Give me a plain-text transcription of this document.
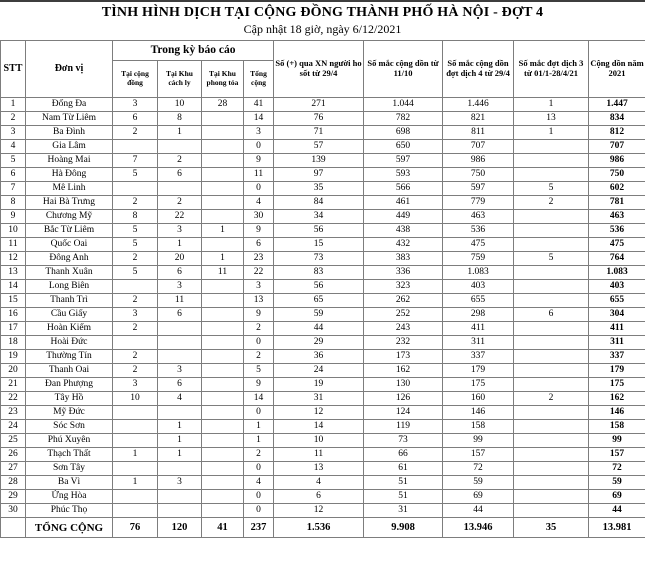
TÌNH HÌNH DỊCH TẠI CỘNG ĐỒNG THÀNH PHỐ HÀ NỘI - ĐỢT 4
Cập nhật 18 giờ, ngày 6/12/2021
STT	Đơn vị	Trong kỳ báo cáo				Số (+) qua XN người ho sốt từ 29/4	Số mắc cộng dồn từ 11/10	Số mắc cộng dồn đợt dịch 4 từ 29/4	Số mắc đợt dịch 3 từ 01/1-28/4/21	Cộng dồn năm 2021
		Tại cộng đồng	Tại Khu cách ly	Tại Khu phong tỏa	Tổng cộng					
1	Đống Đa	3	10	28	41	271	1.044	1.446	1	1.447
2	Nam Từ Liêm	6	8		14	76	782	821	13	834
3	Ba Đình	2	1		3	71	698	811	1	812
4	Gia Lâm				0	57	650	707		707
5	Hoàng Mai	7	2		9	139	597	986		986
6	Hà Đông	5	6		11	97	593	750		750
7	Mê Linh				0	35	566	597	5	602
8	Hai Bà Trưng	2	2		4	84	461	779	2	781
9	Chương Mỹ	8	22		30	34	449	463		463
10	Bắc Từ Liêm	5	3	1	9	56	438	536		536
11	Quốc Oai	5	1		6	15	432	475		475
12	Đông Anh	2	20	1	23	73	383	759	5	764
13	Thanh Xuân	5	6	11	22	83	336	1.083		1.083
14	Long Biên		3		3	56	323	403		403
15	Thanh Trì	2	11		13	65	262	655		655
16	Cầu Giấy	3	6		9	59	252	298	6	304
17	Hoàn Kiếm	2			2	44	243	411		411
18	Hoài Đức				0	29	232	311		311
19	Thường Tín	2			2	36	173	337		337
20	Thanh Oai	2	3		5	24	162	179		179
21	Đan Phượng	3	6		9	19	130	175		175
22	Tây Hồ	10	4		14	31	126	160	2	162
23	Mỹ Đức				0	12	124	146		146
24	Sóc Sơn		1		1	14	119	158		158
25	Phú Xuyên		1		1	10	73	99		99
26	Thạch Thất	1	1		2	11	66	157		157
27	Sơn Tây				0	13	61	72		72
28	Ba Vì	1	3		4	4	51	59		59
29	Ứng Hòa				0	6	51	69		69
30	Phúc Thọ				0	12	31	44		44
	TỔNG CỘNG	76	120	41	237	1.536	9.908	13.946	35	13.981
